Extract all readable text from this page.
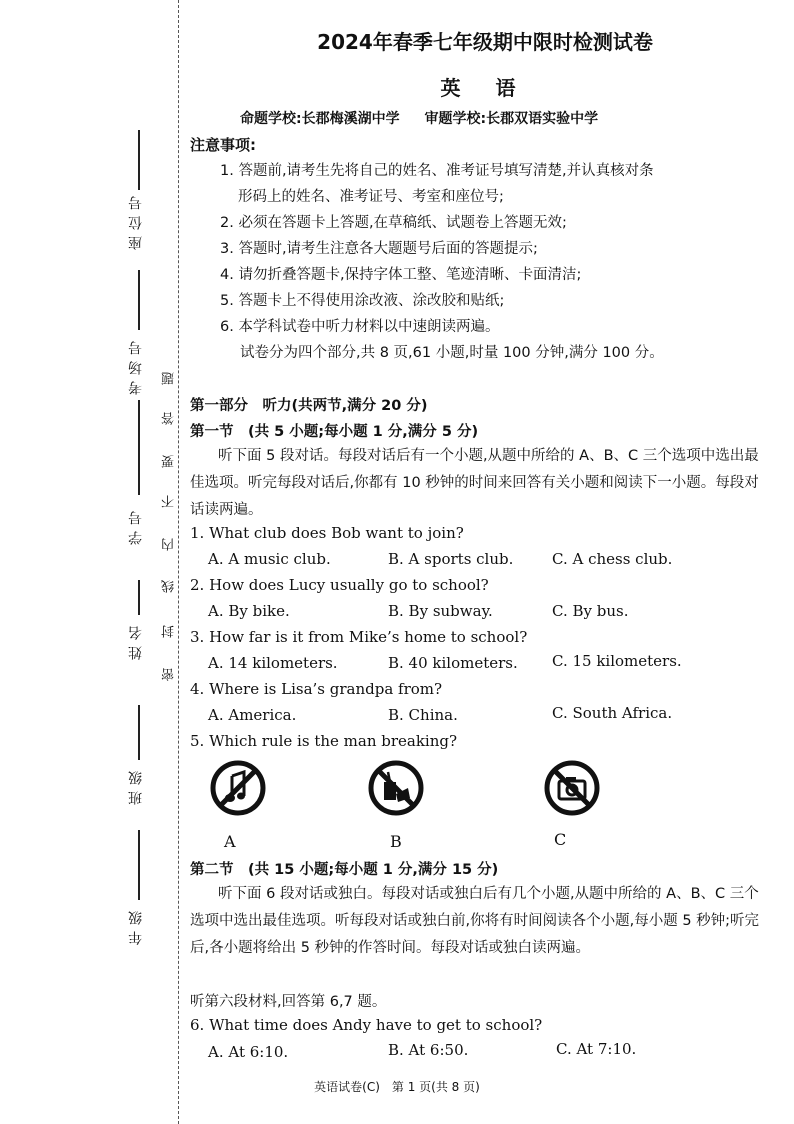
座位号
考场号
学号
姓名
班级
年级
题
答
要
不
内
线
封
密
2024年春季七年级期中限时检测试卷
英 语
命题学校:长郡梅溪湖中学 审题学校:长郡双语实验中学
注意事项:
1. 答题前,请考生先将自己的姓名、准考证号填写清楚,并认真核对条
形码上的姓名、准考证号、考室和座位号;
2. 必须在答题卡上答题,在草稿纸、试题卷上答题无效;
3. 答题时,请考生注意各大题题号后面的答题提示;
4. 请勿折叠答题卡,保持字体工整、笔迹清晰、卡面清洁;
5. 答题卡上不得使用涂改液、涂改胶和贴纸;
6. 本学科试卷中听力材料以中速朗读两遍。
试卷分为四个部分,共 8 页,61 小题,时量 100 分钟,满分 100 分。
第一部分　听力(共两节,满分 20 分)
第一节　(共 5 小题;每小题 1 分,满分 5 分)
听下面 5 段对话。每段对话后有一个小题,从题中所给的 A、B、C 三个选项中选出最佳选项。听完每段对话后,你都有 10 秒钟的时间来回答有关小题和阅读下一小题。每段对话读两遍。
1. What club does Bob want to join?
A. A music club.	B. A sports club.	C. A chess club.
2. How does Lucy usually go to school?
A. By bike.	B. By subway.	C. By bus.
3. How far is it from Mike’s home to school?
A. 14 kilometers.	B. 40 kilometers. C. 15 kilometers.
4. Where is Lisa’s grandpa from?
A. America.	B. China.	C. South Africa.
5. Which rule is the man breaking?
A	B	C
第二节　(共 15 小题;每小题 1 分,满分 15 分)
听下面 6 段对话或独白。每段对话或独白后有几个小题,从题中所给的 A、B、C 三个选项中选出最佳选项。听每段对话或独白前,你将有时间阅读各个小题,每小题 5 秒钟;听完后,各小题将给出 5 秒钟的作答时间。每段对话或独白读两遍。
听第六段材料,回答第 6,7 题。
6. What time does Andy have to get to school?
A. At 6:10.	B. At 6:50.	C. At 7:10.
英语试卷(C)　第 1 页(共 8 页)
